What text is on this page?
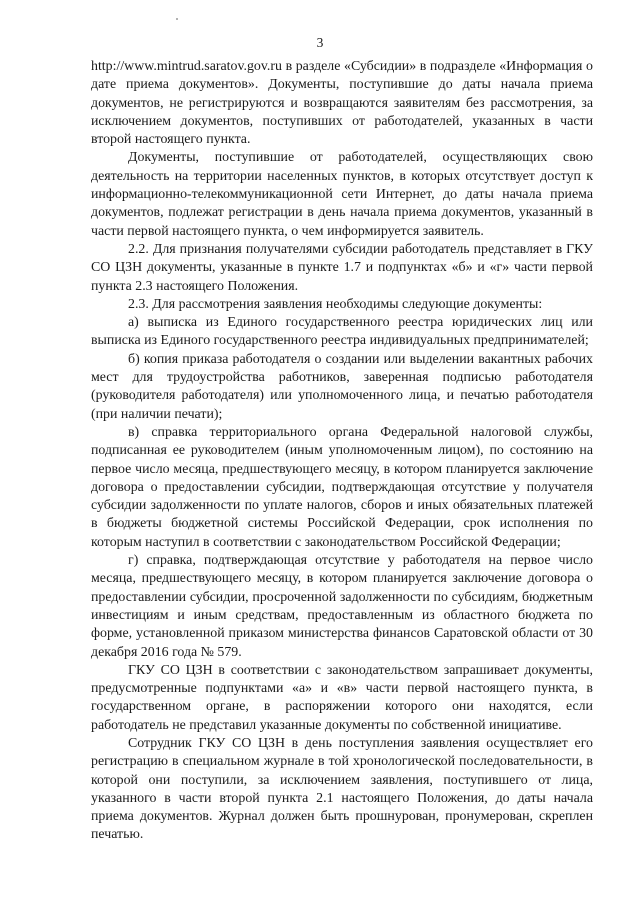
3

http://www.mintrud.saratov.gov.ru в разделе «Субсидии» в подразделе «Информация о дате приема документов». Документы, поступившие до даты начала приема документов, не регистрируются и возвращаются заявителям без рассмотрения, за исключением документов, поступивших от работодателей, указанных в части второй настоящего пункта.

Документы, поступившие от работодателей, осуществляющих свою деятельность на территории населенных пунктов, в которых отсутствует доступ к информационно-телекоммуникационной сети Интернет, до даты начала приема документов, подлежат регистрации в день начала приема документов, указанный в части первой настоящего пункта, о чем информируется заявитель.

2.2. Для признания получателями субсидии работодатель представляет в ГКУ СО ЦЗН документы, указанные в пункте 1.7 и подпунктах «б» и «г» части первой пункта 2.3 настоящего Положения.

2.3. Для рассмотрения заявления необходимы следующие документы:

а) выписка из Единого государственного реестра юридических лиц или выписка из Единого государственного реестра индивидуальных предпринимателей;

б) копия приказа работодателя о создании или выделении вакантных рабочих мест для трудоустройства работников, заверенная подписью работодателя (руководителя работодателя) или уполномоченного лица, и печатью работодателя (при наличии печати);

в) справка территориального органа Федеральной налоговой службы, подписанная ее руководителем (иным уполномоченным лицом), по состоянию на первое число месяца, предшествующего месяцу, в котором планируется заключение договора о предоставлении субсидии, подтверждающая отсутствие у получателя субсидии задолженности по уплате налогов, сборов и иных обязательных платежей в бюджеты бюджетной системы Российской Федерации, срок исполнения по которым наступил в соответствии с законодательством Российской Федерации;

г) справка, подтверждающая отсутствие у работодателя на первое число месяца, предшествующего месяцу, в котором планируется заключение договора о предоставлении субсидии, просроченной задолженности по субсидиям, бюджетным инвестициям и иным средствам, предоставленным из областного бюджета по форме, установленной приказом министерства финансов Саратовской области от 30 декабря 2016 года № 579.

ГКУ СО ЦЗН в соответствии с законодательством запрашивает документы, предусмотренные подпунктами «а» и «в» части первой настоящего пункта, в государственном органе, в распоряжении которого они находятся, если работодатель не представил указанные документы по собственной инициативе.

Сотрудник ГКУ СО ЦЗН в день поступления заявления осуществляет его регистрацию в специальном журнале в той хронологической последовательности, в которой они поступили, за исключением заявления, поступившего от лица, указанного в части второй пункта 2.1 настоящего Положения, до даты начала приема документов. Журнал должен быть прошнурован, пронумерован, скреплен печатью.
